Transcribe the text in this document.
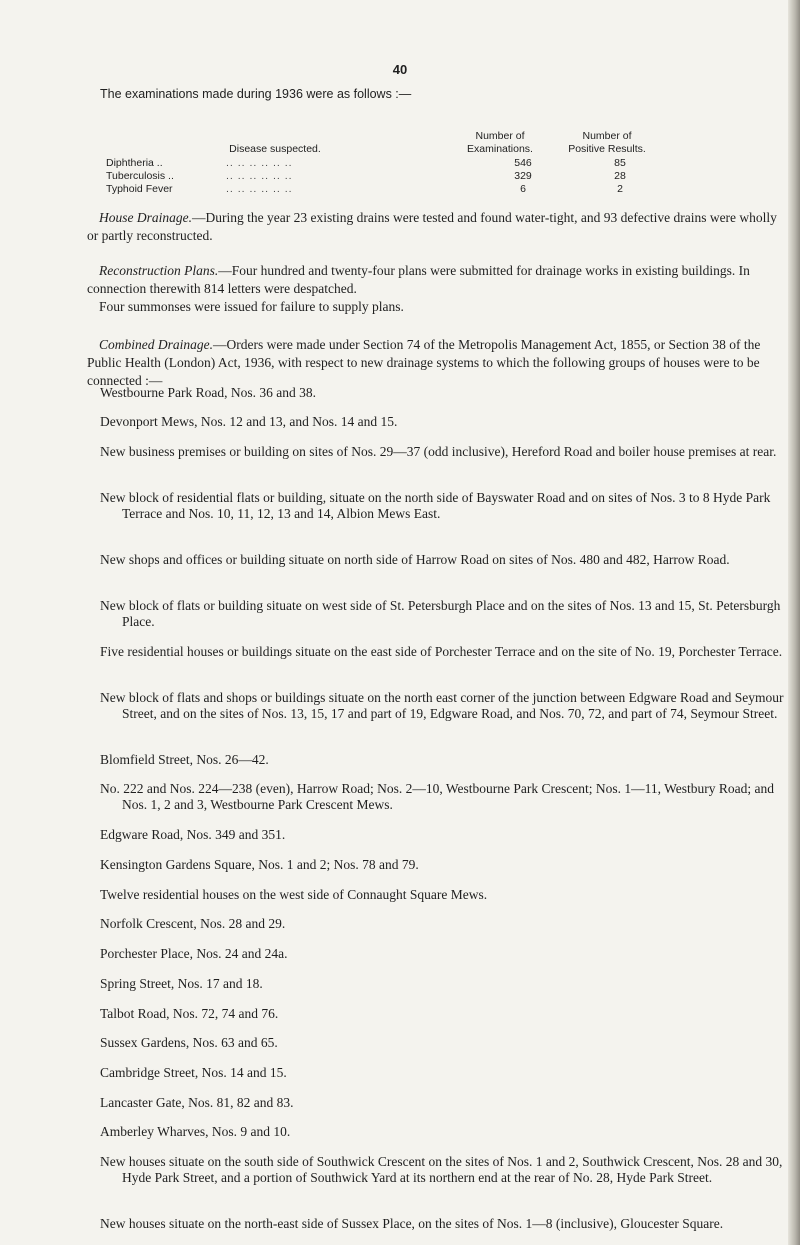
40
The examinations made during 1936 were as follows :—
Disease suspected.
Number of
Examinations.
Number of
Positive Results.
Diphtheria ..	.. .. .. .. .. ..	546	85
Tuberculosis ..	.. .. .. .. .. ..	329	28
Typhoid Fever	.. .. .. .. .. ..	6	2
House Drainage.—During the year 23 existing drains were tested and found water-tight, and 93 defective drains were wholly or partly reconstructed.
Reconstruction Plans.—Four hundred and twenty-four plans were submitted for drainage works in existing buildings. In connection therewith 814 letters were despatched.
Four summonses were issued for failure to supply plans.
Combined Drainage.—Orders were made under Section 74 of the Metropolis Management Act, 1855, or Section 38 of the Public Health (London) Act, 1936, with respect to new drainage systems to which the following groups of houses were to be connected :—
Westbourne Park Road, Nos. 36 and 38.
Devonport Mews, Nos. 12 and 13, and Nos. 14 and 15.
New business premises or building on sites of Nos. 29—37 (odd inclusive), Hereford Road and boiler house premises at rear.
New block of residential flats or building, situate on the north side of Bayswater Road and on sites of Nos. 3 to 8 Hyde Park Terrace and Nos. 10, 11, 12, 13 and 14, Albion Mews East.
New shops and offices or building situate on north side of Harrow Road on sites of Nos. 480 and 482, Harrow Road.
New block of flats or building situate on west side of St. Petersburgh Place and on the sites of Nos. 13 and 15, St. Petersburgh Place.
Five residential houses or buildings situate on the east side of Porchester Terrace and on the site of No. 19, Porchester Terrace.
New block of flats and shops or buildings situate on the north east corner of the junction between Edgware Road and Seymour Street, and on the sites of Nos. 13, 15, 17 and part of 19, Edgware Road, and Nos. 70, 72, and part of 74, Seymour Street.
Blomfield Street, Nos. 26—42.
No. 222 and Nos. 224—238 (even), Harrow Road; Nos. 2—10, Westbourne Park Crescent; Nos. 1—11, Westbury Road; and Nos. 1, 2 and 3, Westbourne Park Crescent Mews.
Edgware Road, Nos. 349 and 351.
Kensington Gardens Square, Nos. 1 and 2; Nos. 78 and 79.
Twelve residential houses on the west side of Connaught Square Mews.
Norfolk Crescent, Nos. 28 and 29.
Porchester Place, Nos. 24 and 24a.
Spring Street, Nos. 17 and 18.
Talbot Road, Nos. 72, 74 and 76.
Sussex Gardens, Nos. 63 and 65.
Cambridge Street, Nos. 14 and 15.
Lancaster Gate, Nos. 81, 82 and 83.
Amberley Wharves, Nos. 9 and 10.
New houses situate on the south side of Southwick Crescent on the sites of Nos. 1 and 2, Southwick Crescent, Nos. 28 and 30, Hyde Park Street, and a portion of Southwick Yard at its northern end at the rear of No. 28, Hyde Park Street.
New houses situate on the north-east side of Sussex Place, on the sites of Nos. 1—8 (inclusive), Gloucester Square.
